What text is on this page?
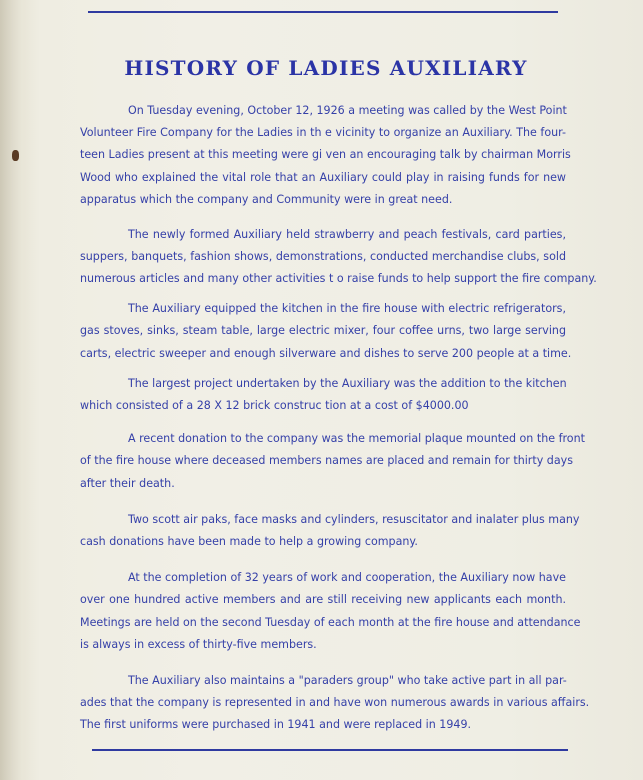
HISTORY OF LADIES AUXILIARY

On Tuesday evening, October 12, 1926 a meeting was called by the West Point
Volunteer Fire Company for the Ladies in th e vicinity to organize an Auxiliary. The four-
teen Ladies present at this meeting were gi ven an encouraging talk by chairman Morris
Wood who explained the vital role that an Auxiliary could play in raising funds for new
apparatus which the company and Community were in great need.

The newly formed Auxiliary held strawberry and peach festivals, card parties,
suppers, banquets, fashion shows, demonstrations, conducted merchandise clubs, sold
numerous articles and many other activities t o raise funds to help support the fire company.

The Auxiliary equipped the kitchen in the fire house with electric refrigerators,
gas stoves, sinks, steam table, large electric mixer, four coffee urns, two large serving
carts, electric sweeper and enough silverware and dishes to serve 200 people at a time.

The largest project undertaken by the Auxiliary was the addition to the kitchen
which consisted of a 28 X 12 brick construc tion at a cost of $4000.00

A recent donation to the company was the memorial plaque mounted on the front
of the fire house where deceased members names are placed and remain for thirty days
after their death.

Two scott air paks, face masks and cylinders, resuscitator and inalater plus many
cash donations have been made to help a growing company.

At the completion of 32 years of work and cooperation, the Auxiliary now have
over one hundred active members and are still receiving new applicants each month.
Meetings are held on the second Tuesday of each month at the fire house and attendance
is always in excess of thirty-five members.

The Auxiliary also maintains a "paraders group" who take active part in all par-
ades that the company is represented in and have won numerous awards in various affairs.
The first uniforms were purchased in 1941 and were replaced in 1949.
